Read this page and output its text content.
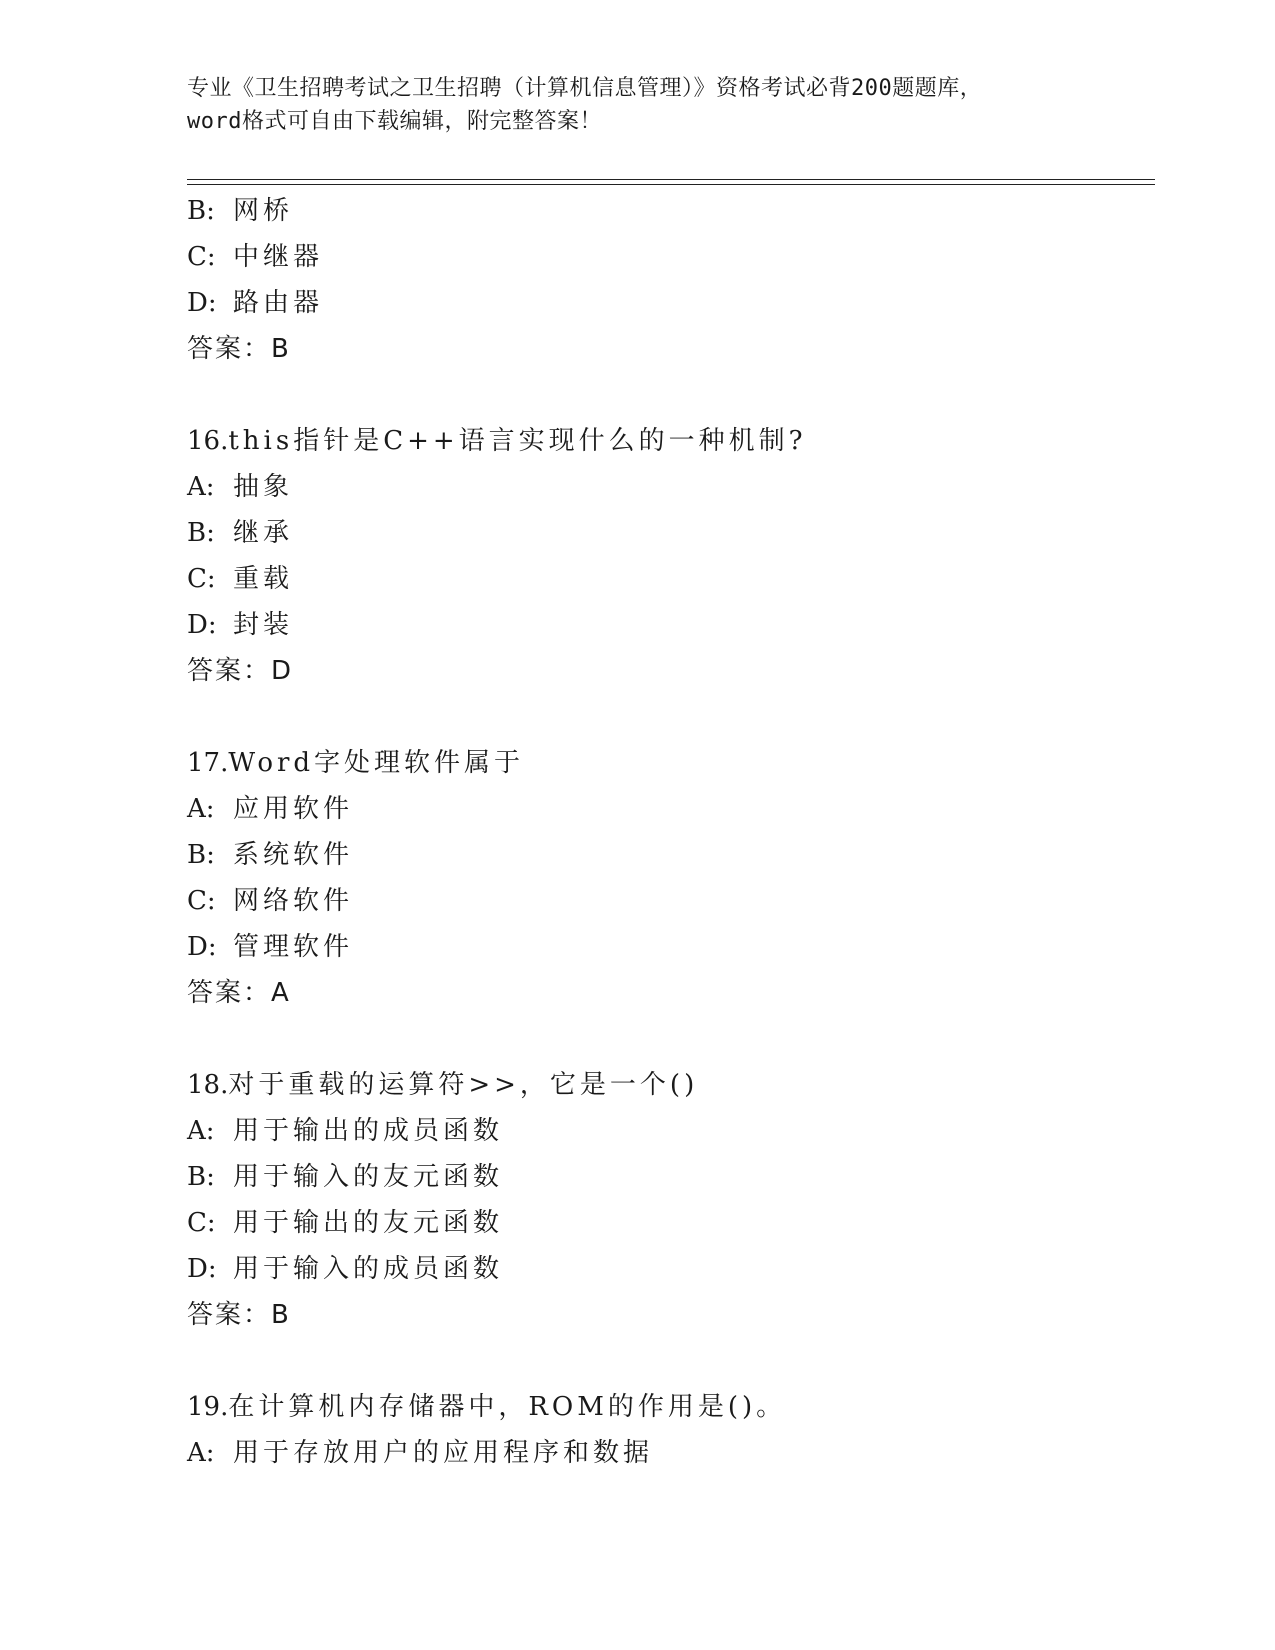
专业《卫生招聘考试之卫生招聘（计算机信息管理）》资格考试必背200题题库，
word格式可自由下载编辑，附完整答案！
B: 网桥
C: 中继器
D: 路由器
答案：B
16.this指针是C++语言实现什么的一种机制?
A: 抽象
B: 继承
C: 重载
D: 封装
答案：D
17.Word字处理软件属于
A: 应用软件
B: 系统软件
C: 网络软件
D: 管理软件
答案：A
18.对于重载的运算符>>，它是一个()
A: 用于输出的成员函数
B: 用于输入的友元函数
C: 用于输出的友元函数
D: 用于输入的成员函数
答案：B
19.在计算机内存储器中，ROM的作用是()。
A: 用于存放用户的应用程序和数据
